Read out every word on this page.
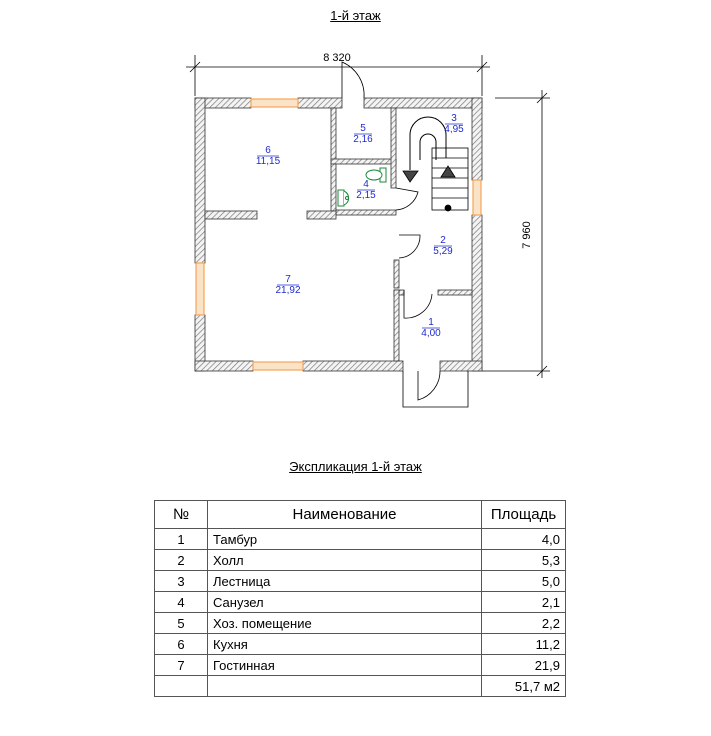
1-й этаж
8 320
7 960
1
4,00
2
5,29
3
4,95
4
2,15
5
2,16
6
11,15
7
21,92
Экспликация 1-й этаж
№	Наименование	Площадь
1	Тамбур	4,0
2	Холл	5,3
3	Лестница	5,0
4	Санузел	2,1
5	Хоз. помещение	2,2
6	Кухня	11,2
7	Гостинная	21,9
		51,7 м2
